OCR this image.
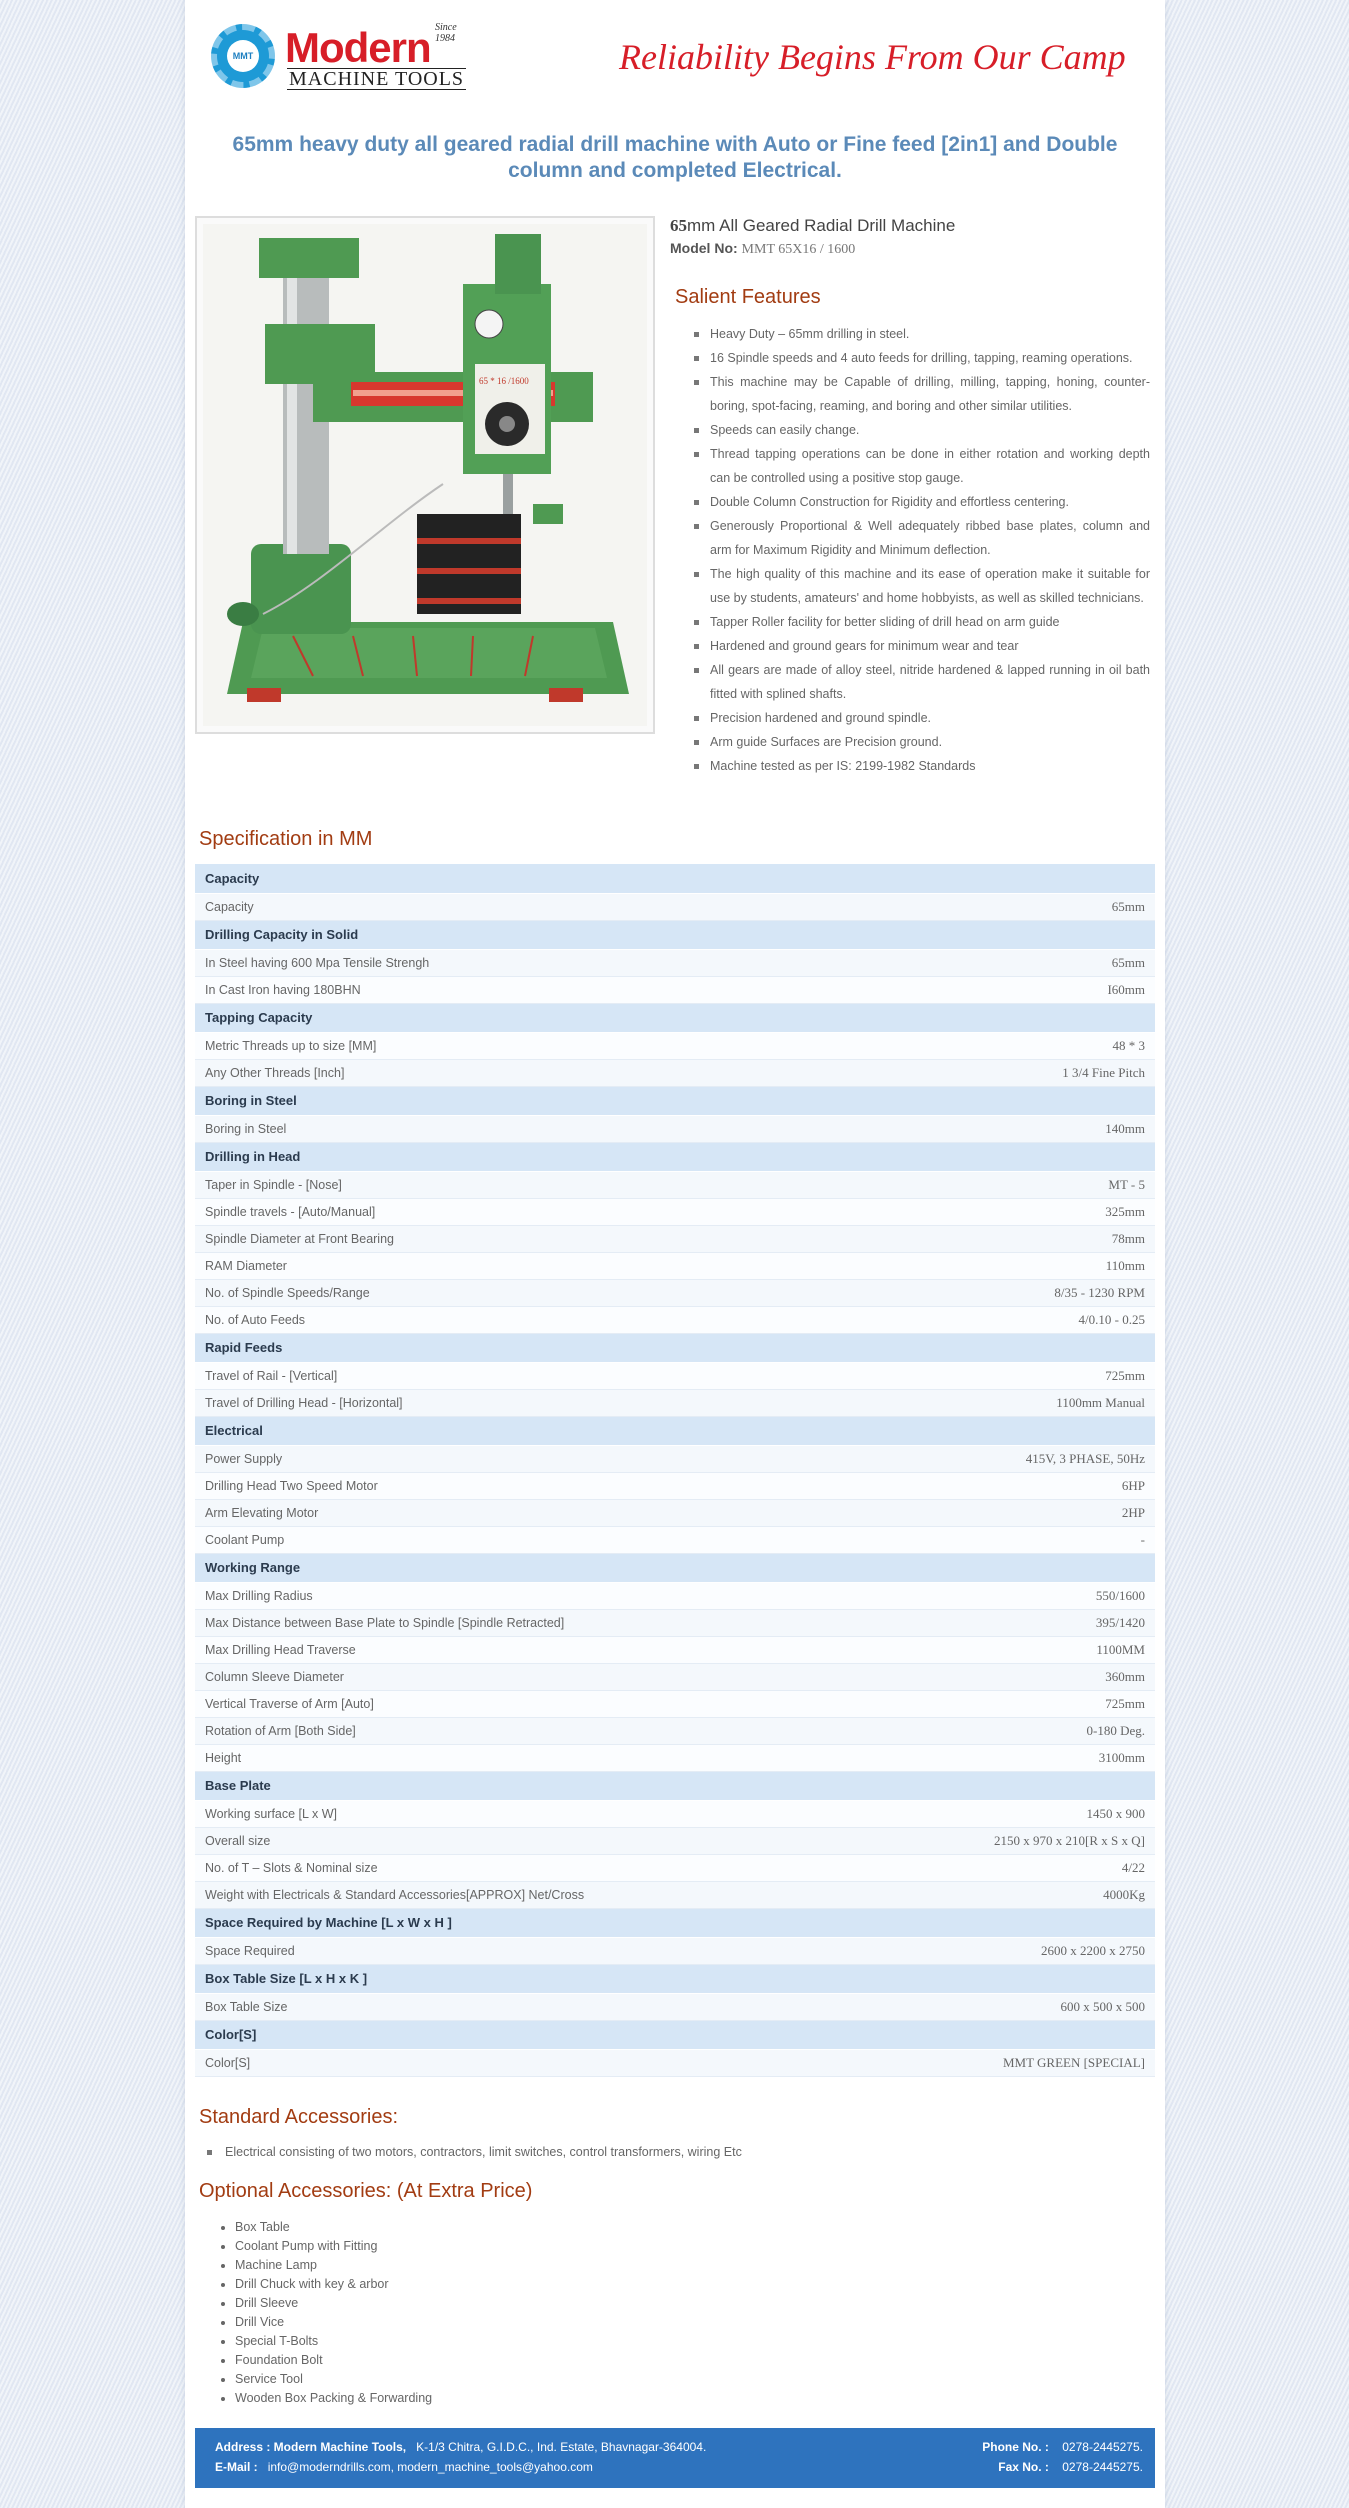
MMT Modern Since 1984
MACHINE TOOLS
Reliability Begins From Our Camp
65mm heavy duty all geared radial drill machine with Auto or Fine feed [2in1] and Double column and completed Electrical.
65 * 16 /1600
65mm All Geared Radial Drill Machine
Model No: MMT 65X16 / 1600
Salient Features
Heavy Duty – 65mm drilling in steel.
16 Spindle speeds and 4 auto feeds for drilling, tapping, reaming operations.
This machine may be Capable of drilling, milling, tapping, honing, counter-boring, spot-facing, reaming, and boring and other similar utilities.
Speeds can easily change.
Thread tapping operations can be done in either rotation and working depth can be controlled using a positive stop gauge.
Double Column Construction for Rigidity and effortless centering.
Generously Proportional & Well adequately ribbed base plates, column and arm for Maximum Rigidity and Minimum deflection.
The high quality of this machine and its ease of operation make it suitable for use by students, amateurs' and home hobbyists, as well as skilled technicians.
Tapper Roller facility for better sliding of drill head on arm guide
Hardened and ground gears for minimum wear and tear
All gears are made of alloy steel, nitride hardened & lapped running in oil bath fitted with splined shafts.
Precision hardened and ground spindle.
Arm guide Surfaces are Precision ground.
Machine tested as per IS: 2199-1982 Standards
Specification in MM
Capacity	
Capacity	65mm
Drilling Capacity in Solid	
In Steel having 600 Mpa Tensile Strengh	65mm
In Cast Iron having 180BHN	I60mm
Tapping Capacity	
Metric Threads up to size [MM]	48 * 3
Any Other Threads [Inch]	1 3/4 Fine Pitch
Boring in Steel	
Boring in Steel	140mm
Drilling in Head	
Taper in Spindle - [Nose]	MT - 5
Spindle travels - [Auto/Manual]	325mm
Spindle Diameter at Front Bearing	78mm
RAM Diameter	110mm
No. of Spindle Speeds/Range	8/35 - 1230 RPM
No. of Auto Feeds	4/0.10 - 0.25
Rapid Feeds	
Travel of Rail - [Vertical]	725mm
Travel of Drilling Head - [Horizontal]	1100mm Manual
Electrical	
Power Supply	415V, 3 PHASE, 50Hz
Drilling Head Two Speed Motor	6HP
Arm Elevating Motor	2HP
Coolant Pump	-
Working Range	
Max Drilling Radius	550/1600
Max Distance between Base Plate to Spindle [Spindle Retracted]	395/1420
Max Drilling Head Traverse	1100MM
Column Sleeve Diameter	360mm
Vertical Traverse of Arm [Auto]	725mm
Rotation of Arm [Both Side]	0-180 Deg.
Height	3100mm
Base Plate	
Working surface [L x W]	1450 x 900
Overall size	2150 x 970 x 210[R x S x Q]
No. of T – Slots & Nominal size	4/22
Weight with Electricals & Standard Accessories[APPROX] Net/Cross	4000Kg
Space Required by Machine [L x W x H ]	
Space Required	2600 x 2200 x 2750
Box Table Size [L x H x K ]	
Box Table Size	600 x 500 x 500
Color[S]	
Color[S]	MMT GREEN [SPECIAL]
Standard Accessories:
Electrical consisting of two motors, contractors, limit switches, control transformers, wiring Etc
Optional Accessories: (At Extra Price)
• Box Table
• Coolant Pump with Fitting
• Machine Lamp
• Drill Chuck with key & arbor
• Drill Sleeve
• Drill Vice
• Special T-Bolts
• Foundation Bolt
• Service Tool
• Wooden Box Packing & Forwarding
Address : Modern Machine Tools, K-1/3 Chitra, G.I.D.C., Ind. Estate, Bhavnagar-364004.
E-Mail : info@moderndrills.com, modern_machine_tools@yahoo.com
Phone No. : 0278-2445275.
Fax No. : 0278-2445275.
